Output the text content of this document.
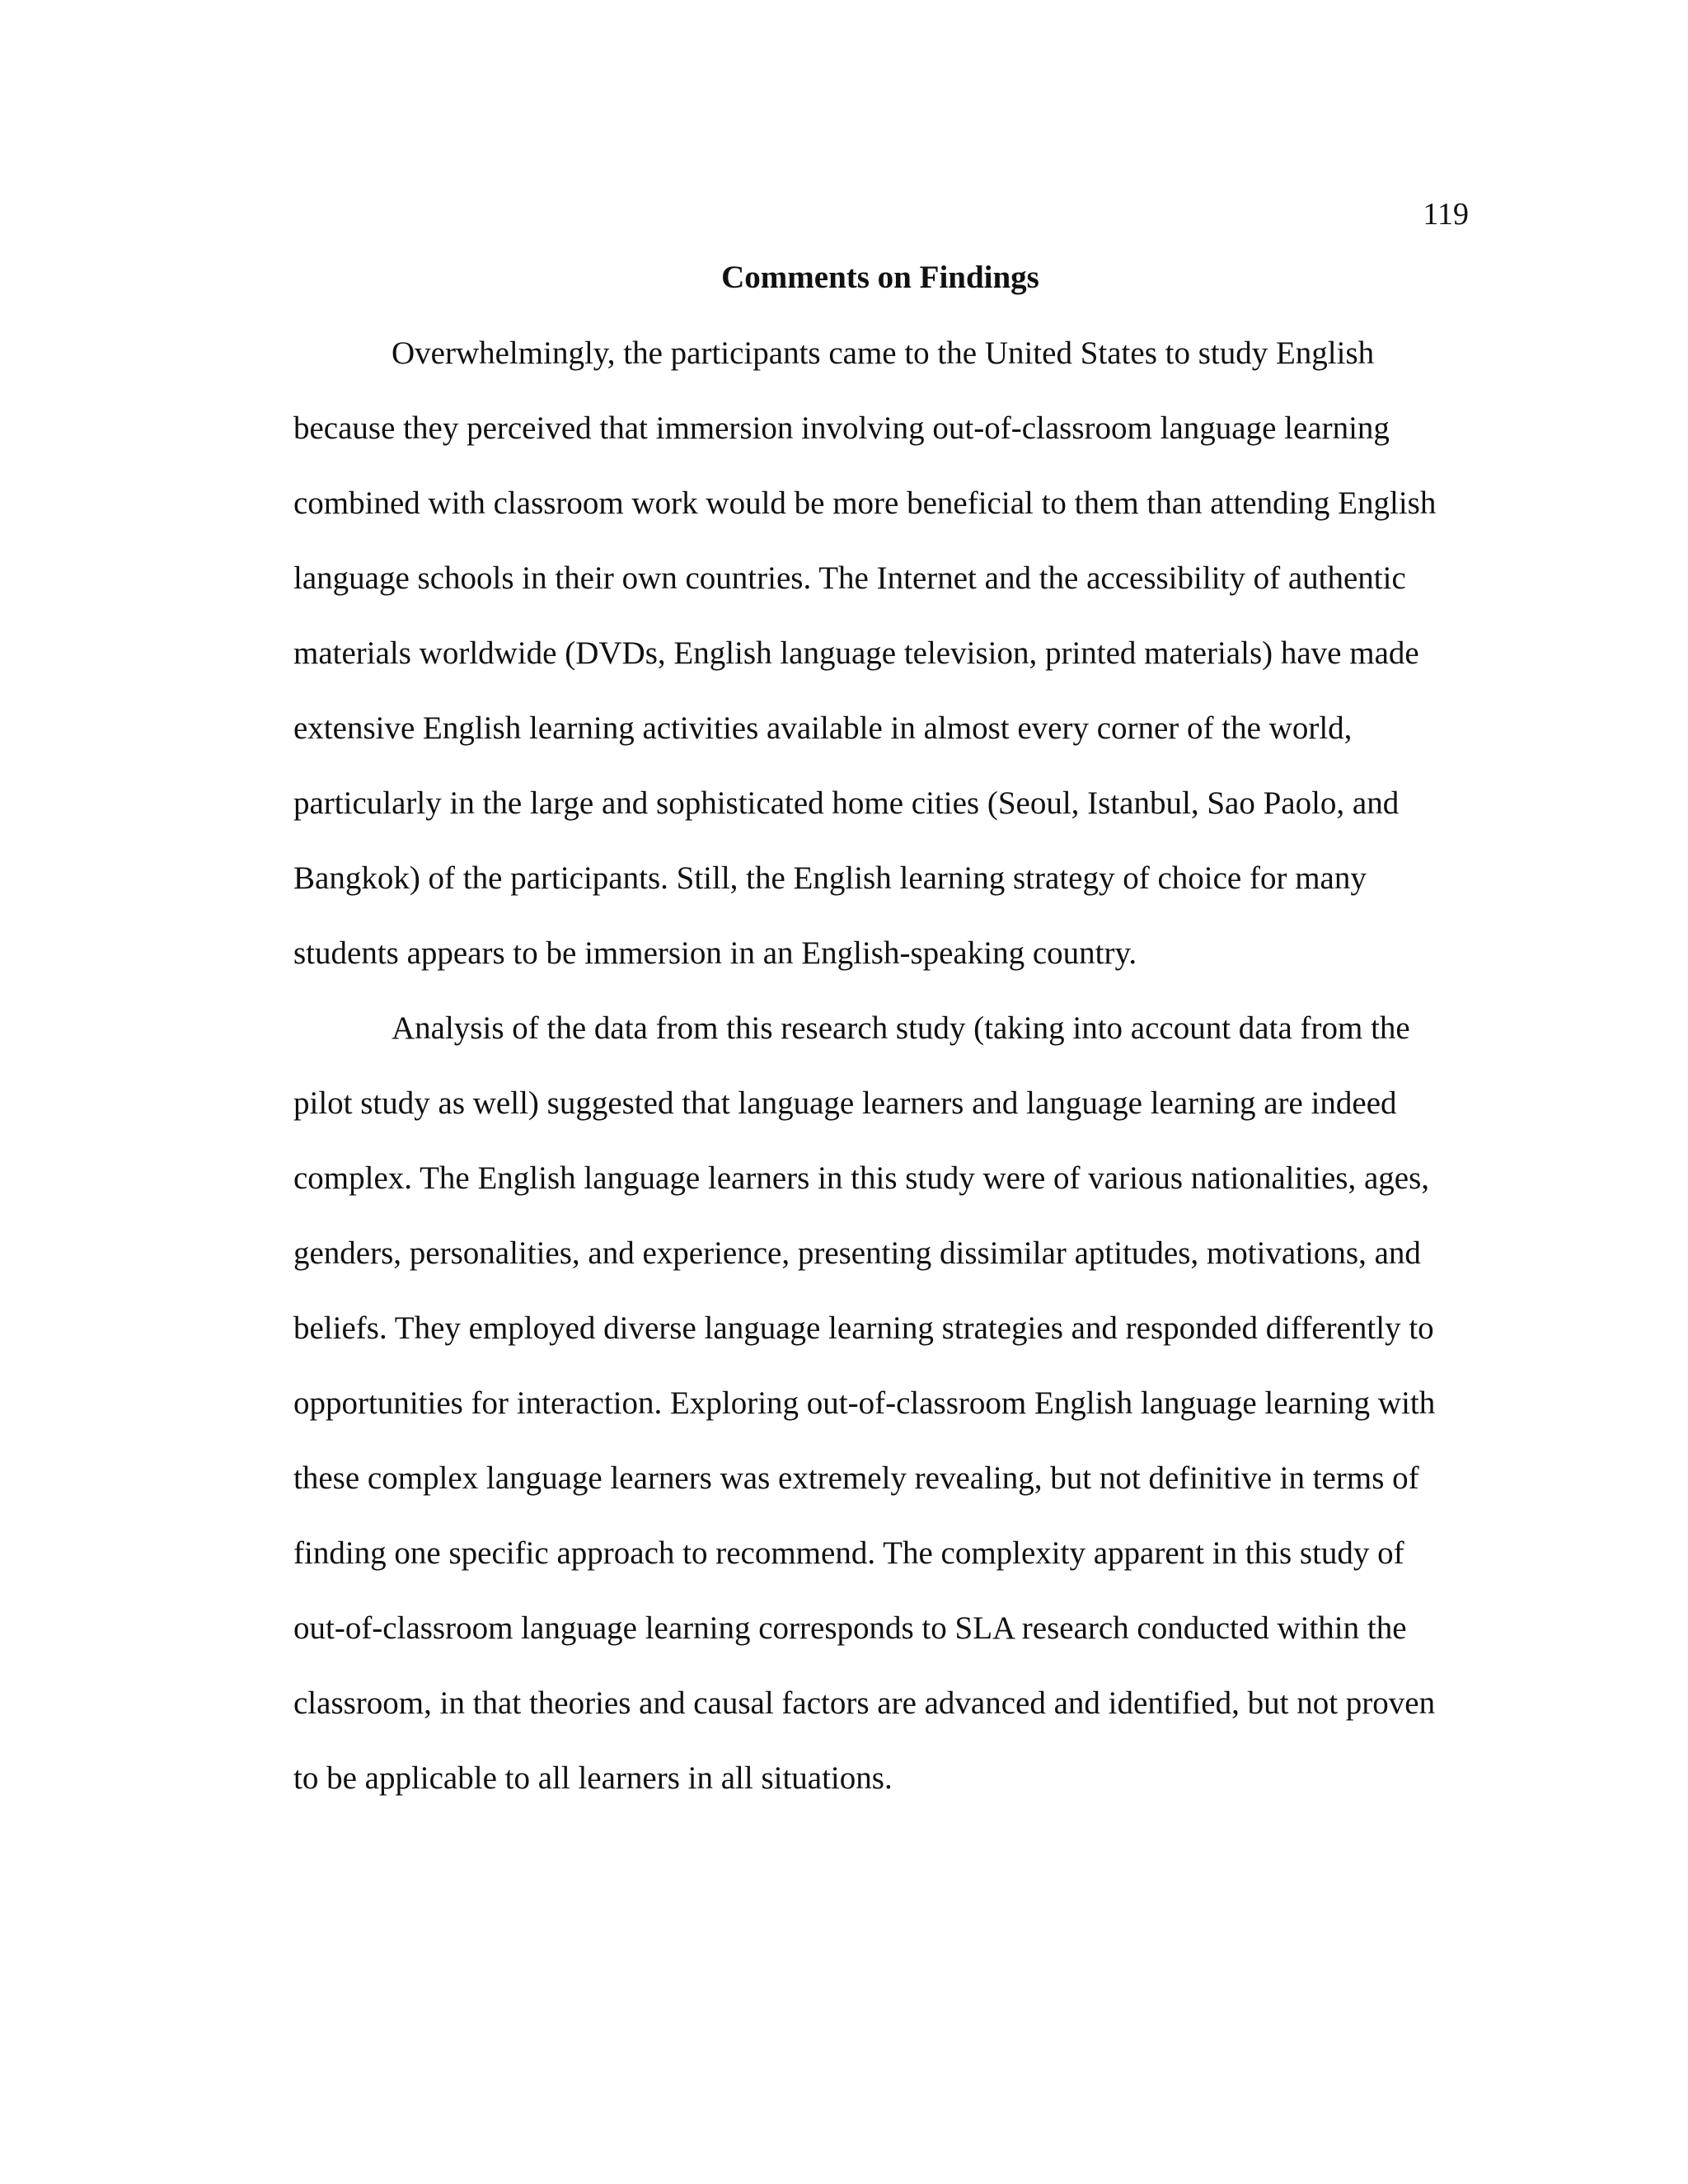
119

Comments on Findings

Overwhelmingly, the participants came to the United States to study English

because they perceived that immersion involving out-of-classroom language learning

combined with classroom work would be more beneficial to them than attending English

language schools in their own countries. The Internet and the accessibility of authentic

materials worldwide (DVDs, English language television, printed materials) have made

extensive English learning activities available in almost every corner of the world,

particularly in the large and sophisticated home cities (Seoul, Istanbul, Sao Paolo, and

Bangkok) of the participants. Still, the English learning strategy of choice for many

students appears to be immersion in an English-speaking country.

Analysis of the data from this research study (taking into account data from the

pilot study as well) suggested that language learners and language learning are indeed

complex. The English language learners in this study were of various nationalities, ages,

genders, personalities, and experience, presenting dissimilar aptitudes, motivations, and

beliefs. They employed diverse language learning strategies and responded differently to

opportunities for interaction. Exploring out-of-classroom English language learning with

these complex language learners was extremely revealing, but not definitive in terms of

finding one specific approach to recommend. The complexity apparent in this study of

out-of-classroom language learning corresponds to SLA research conducted within the

classroom, in that theories and causal factors are advanced and identified, but not proven

to be applicable to all learners in all situations.
